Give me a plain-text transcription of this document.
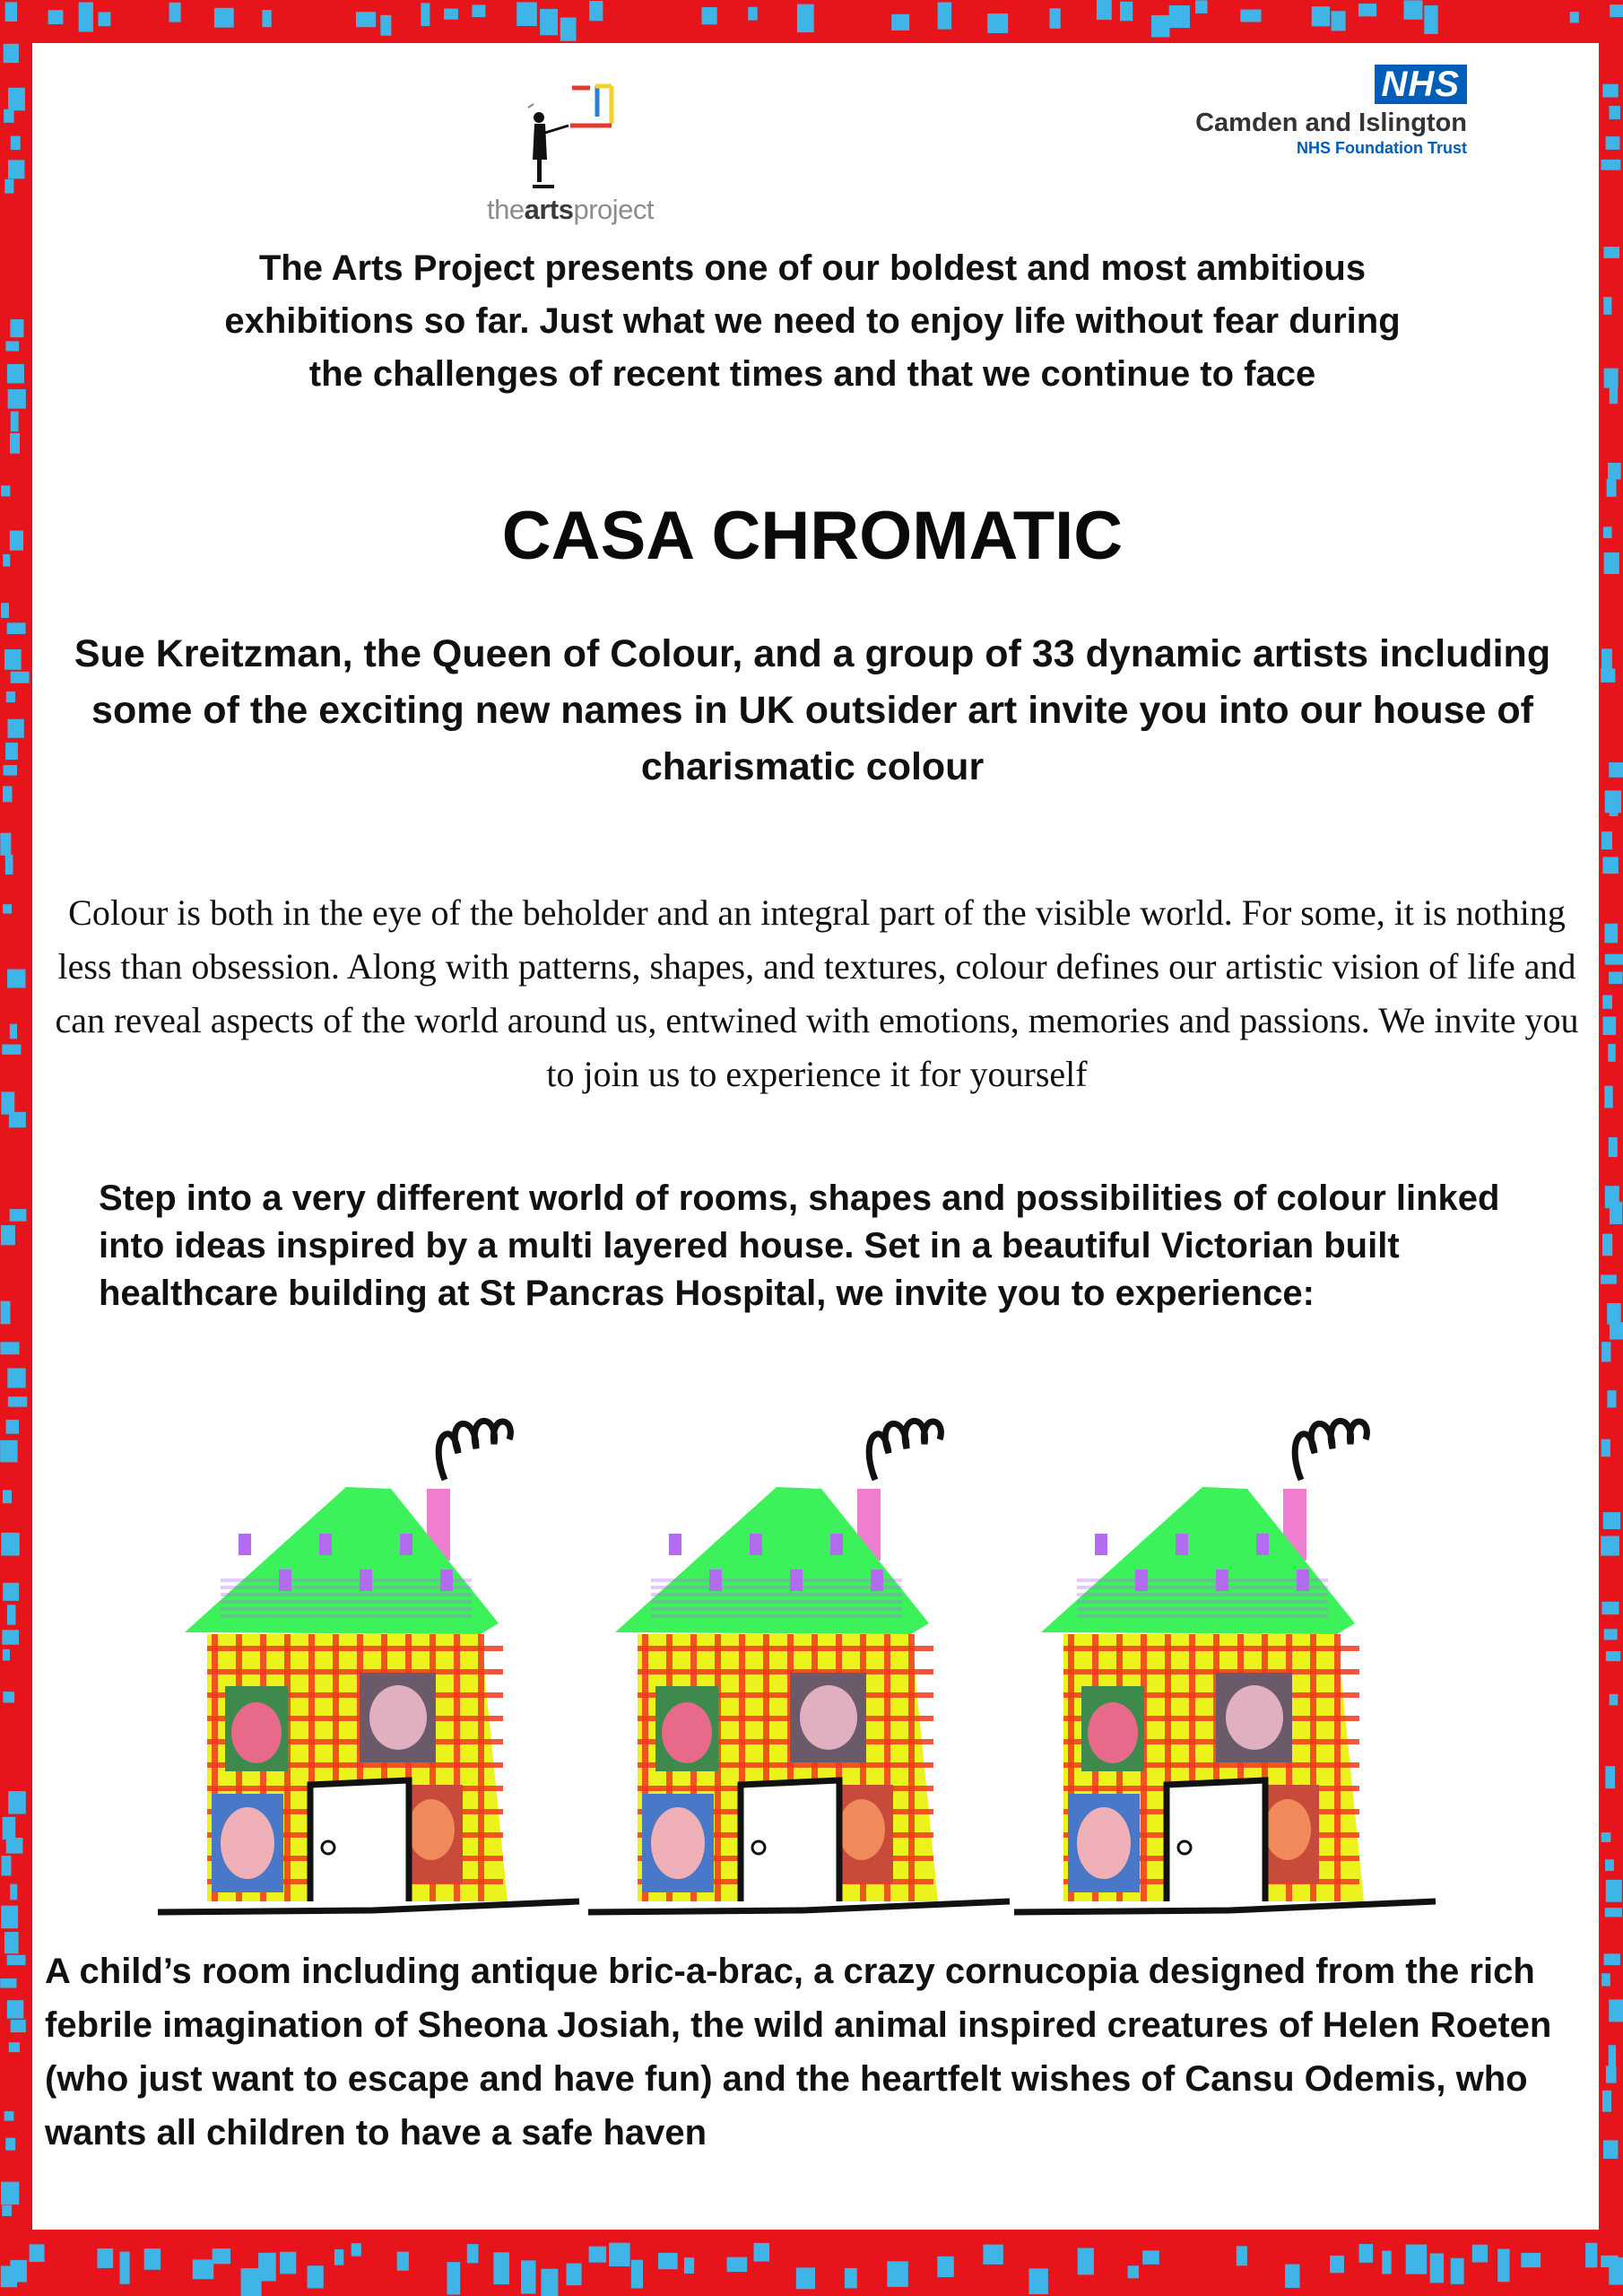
theartsproject
NHS
Camden and Islington
NHS Foundation Trust

The Arts Project presents one of our boldest and most ambitious exhibitions so far. Just what we need to enjoy life without fear during the challenges of recent times and that we continue to face

CASA CHROMATIC

Sue Kreitzman, the Queen of Colour, and a group of 33 dynamic artists including some of the exciting new names in UK outsider art invite you into our house of charismatic colour

Colour is both in the eye of the beholder and an integral part of the visible world. For some, it is nothing less than obsession. Along with patterns, shapes, and textures, colour defines our artistic vision of life and can reveal aspects of the world around us, entwined with emotions, memories and passions. We invite you to join us to experience it for yourself

Step into a very different world of rooms, shapes and possibilities of colour linked into ideas inspired by a multi layered house. Set in a beautiful Victorian built healthcare building at St Pancras Hospital, we invite you to experience:

A child’s room including antique bric-a-brac, a crazy cornucopia designed from the rich febrile imagination of Sheona Josiah, the wild animal inspired creatures of Helen Roeten (who just want to escape and have fun) and the heartfelt wishes of Cansu Odemis, who wants all children to have a safe haven
